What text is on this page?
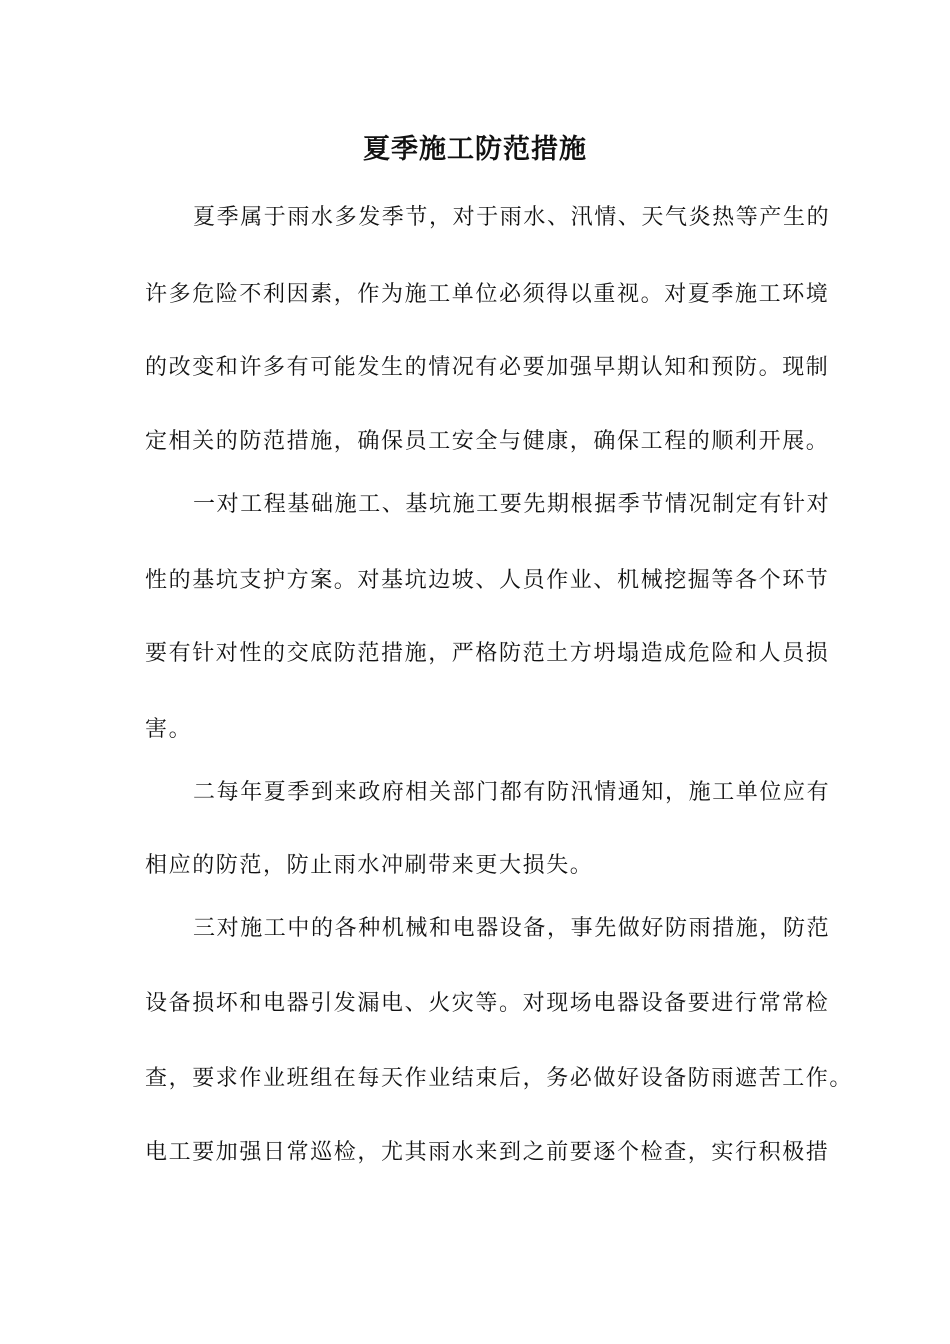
夏季施工防范措施
夏季属于雨水多发季节，对于雨水、汛情、天气炎热等产生的
许多危险不利因素，作为施工单位必须得以重视。对夏季施工环境
的改变和许多有可能发生的情况有必要加强早期认知和预防。现制
定相关的防范措施，确保员工安全与健康，确保工程的顺利开展。
一对工程基础施工、基坑施工要先期根据季节情况制定有针对
性的基坑支护方案。对基坑边坡、人员作业、机械挖掘等各个环节
要有针对性的交底防范措施，严格防范土方坍塌造成危险和人员损
害。
二每年夏季到来政府相关部门都有防汛情通知，施工单位应有
相应的防范，防止雨水冲刷带来更大损失。
三对施工中的各种机械和电器设备，事先做好防雨措施，防范
设备损坏和电器引发漏电、火灾等。对现场电器设备要进行常常检
查，要求作业班组在每天作业结束后，务必做好设备防雨遮苦工作。
电工要加强日常巡检，尤其雨水来到之前要逐个检查，实行积极措
